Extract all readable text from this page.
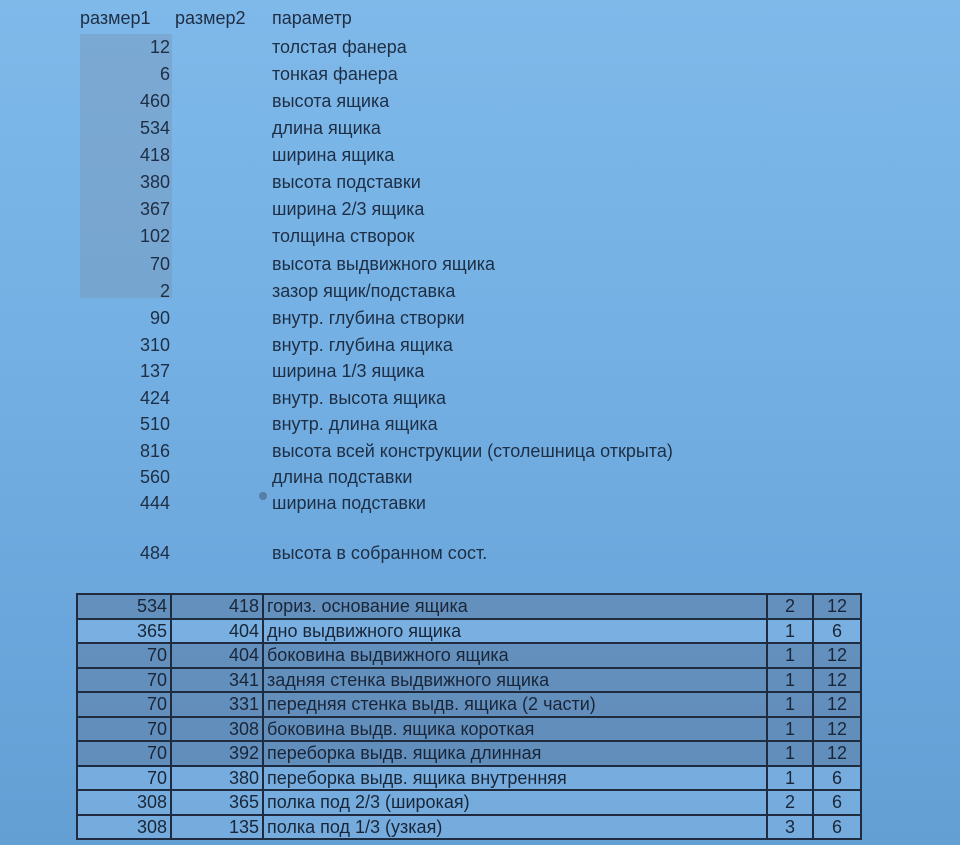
размер1 размер2 параметр
12	толстая фанера
6	тонкая фанера
460	высота ящика
534	длина ящика
418	ширина ящика
380	высота подставки
367	ширина 2/3 ящика
102	толщина створок
70	высота выдвижного ящика
2	зазор ящик/подставка
90	внутр. глубина створки
310	внутр. глубина ящика
137	ширина 1/3 ящика
424	внутр. высота ящика
510	внутр. длина ящика
816	высота всей конструкции (столешница открыта)
560	длина подставки
444	ширина подставки
484	высота в собранном сост.
534	418	гориз. основание ящика	2	12
365	404	дно выдвижного ящика	1	6
70	404	боковина выдвижного ящика	1	12
70	341	задняя стенка выдвижного ящика	1	12
70	331	передняя стенка выдв. ящика (2 части)	1	12
70	308	боковина выдв. ящика короткая	1	12
70	392	переборка выдв. ящика длинная	1	12
70	380	переборка выдв. ящика внутренняя	1	6
308	365	полка под 2/3 (широкая)	2	6
308	135	полка под 1/3 (узкая)	3	6
